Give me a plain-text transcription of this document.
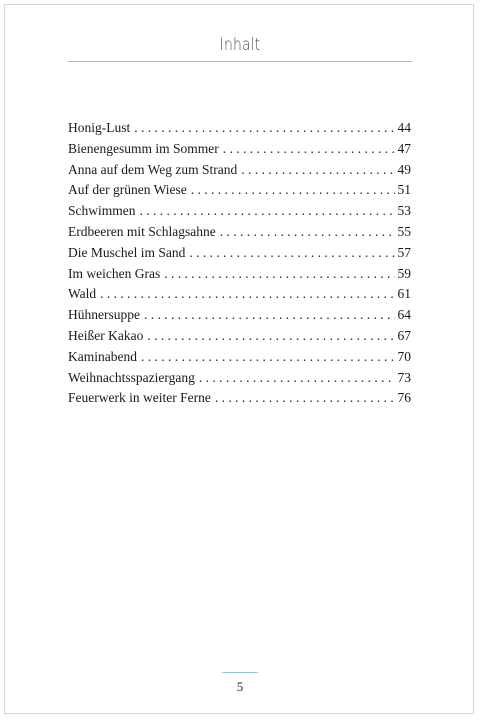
Inhalt
Honig-Lust . . .	44
Bienengesumm im Sommer . . .	47
Anna auf dem Weg zum Strand . . .	49
Auf der grünen Wiese . . .	51
Schwimmen . . .	53
Erdbeeren mit Schlagsahne . . .	55
Die Muschel im Sand . . .	57
Im weichen Gras . . .	59
Wald . . .	61
Hühnersuppe . . .	64
Heißer Kakao . . .	67
Kaminabend . . .	70
Weihnachtsspaziergang . . .	73
Feuerwerk in weiter Ferne . . .	76
5
